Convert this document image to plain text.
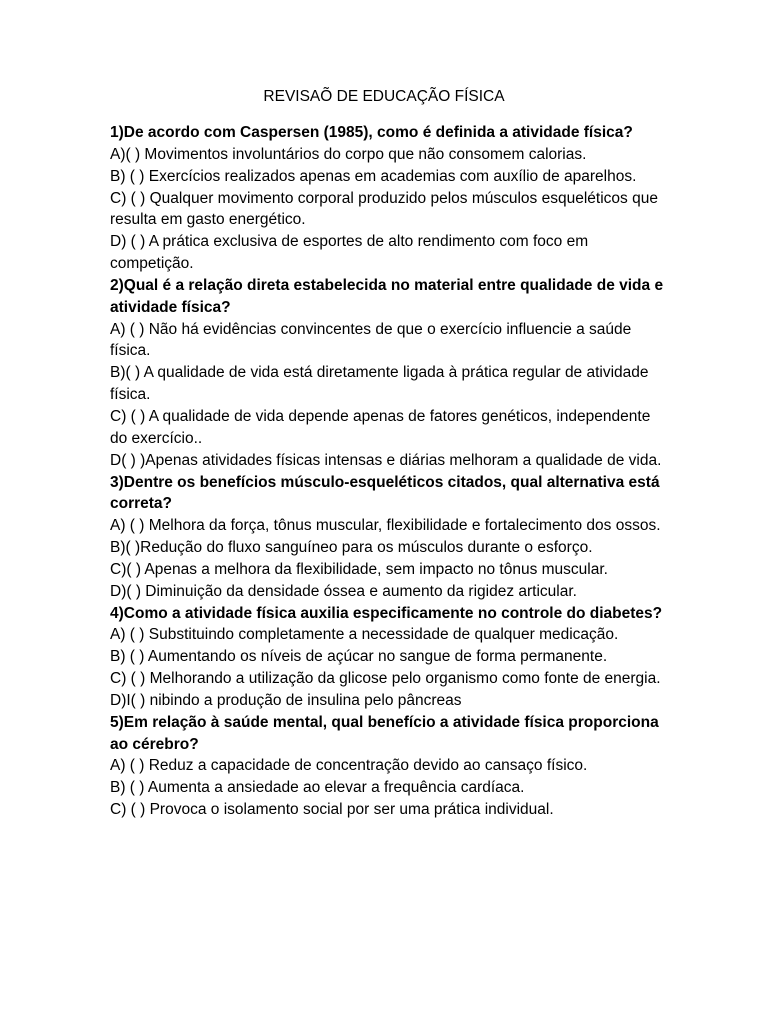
REVISAÕ DE EDUCAÇÃO FÍSICA

1)De acordo com Caspersen (1985), como é definida a atividade física?

A)( ) Movimentos involuntários do corpo que não consomem calorias.

B) ( ) Exercícios realizados apenas em academias com auxílio de aparelhos.

C) ( ) Qualquer movimento corporal produzido pelos músculos esqueléticos que resulta em gasto energético.

D) ( ) A prática exclusiva de esportes de alto rendimento com foco em competição.

2)Qual é a relação direta estabelecida no material entre qualidade de vida e atividade física?

A) ( ) Não há evidências convincentes de que o exercício influencie a saúde física.

B)( ) A qualidade de vida está diretamente ligada à prática regular de atividade física.

C) ( ) A qualidade de vida depende apenas de fatores genéticos, independente do exercício..

D( ) )Apenas atividades físicas intensas e diárias melhoram a qualidade de vida.

3)Dentre os benefícios músculo-esqueléticos citados, qual alternativa está correta?

A) ( ) Melhora da força, tônus muscular, flexibilidade e fortalecimento dos ossos.

B)( )Redução do fluxo sanguíneo para os músculos durante o esforço.

C)( ) Apenas a melhora da flexibilidade, sem impacto no tônus muscular.

D)( ) Diminuição da densidade óssea e aumento da rigidez articular.

4)Como a atividade física auxilia especificamente no controle do diabetes?

A) ( ) Substituindo completamente a necessidade de qualquer medicação.

B) ( ) Aumentando os níveis de açúcar no sangue de forma permanente.

C) ( ) Melhorando a utilização da glicose pelo organismo como fonte de energia.

D)I( ) nibindo a produção de insulina pelo pâncreas

5)Em relação à saúde mental, qual benefício a atividade física proporciona ao cérebro?

A) ( ) Reduz a capacidade de concentração devido ao cansaço físico.

B) ( ) Aumenta a ansiedade ao elevar a frequência cardíaca.

C) ( ) Provoca o isolamento social por ser uma prática individual.
